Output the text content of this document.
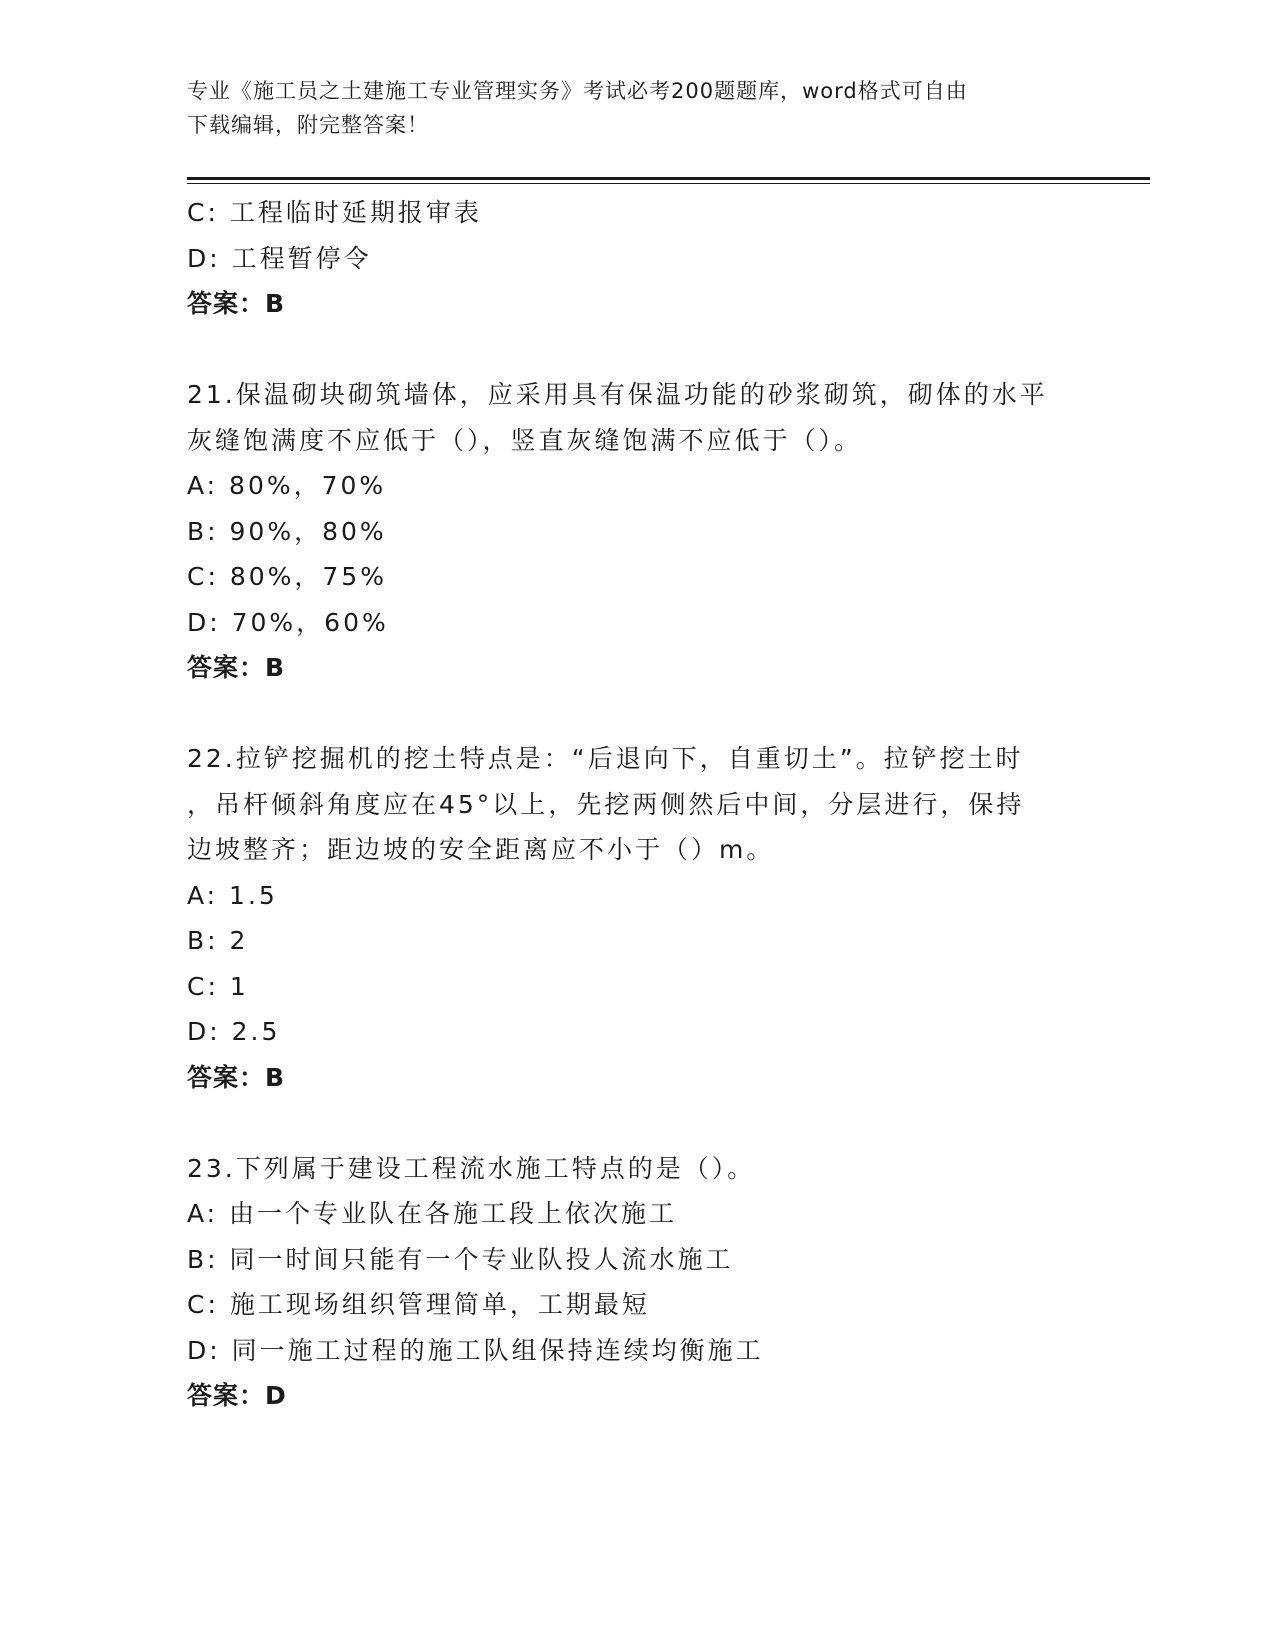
专业《施工员之土建施工专业管理实务》考试必考200题题库，word格式可自由
下载编辑，附完整答案！
C: 工程临时延期报审表
D: 工程暂停令
答案：B
21.保温砌块砌筑墙体，应采用具有保温功能的砂浆砌筑，砌体的水平
灰缝饱满度不应低于（），竖直灰缝饱满不应低于（）。
A: 80%，70%
B: 90%，80%
C: 80%，75%
D: 70%，60%
答案：B
22.拉铲挖掘机的挖土特点是：“后退向下，自重切土”。拉铲挖土时
，吊杆倾斜角度应在45°以上，先挖两侧然后中间，分层进行，保持
边坡整齐；距边坡的安全距离应不小于（）m。
A: 1.5
B: 2
C: 1
D: 2.5
答案：B
23.下列属于建设工程流水施工特点的是（）。
A: 由一个专业队在各施工段上依次施工
B: 同一时间只能有一个专业队投人流水施工
C: 施工现场组织管理简单，工期最短
D: 同一施工过程的施工队组保持连续均衡施工
答案：D
